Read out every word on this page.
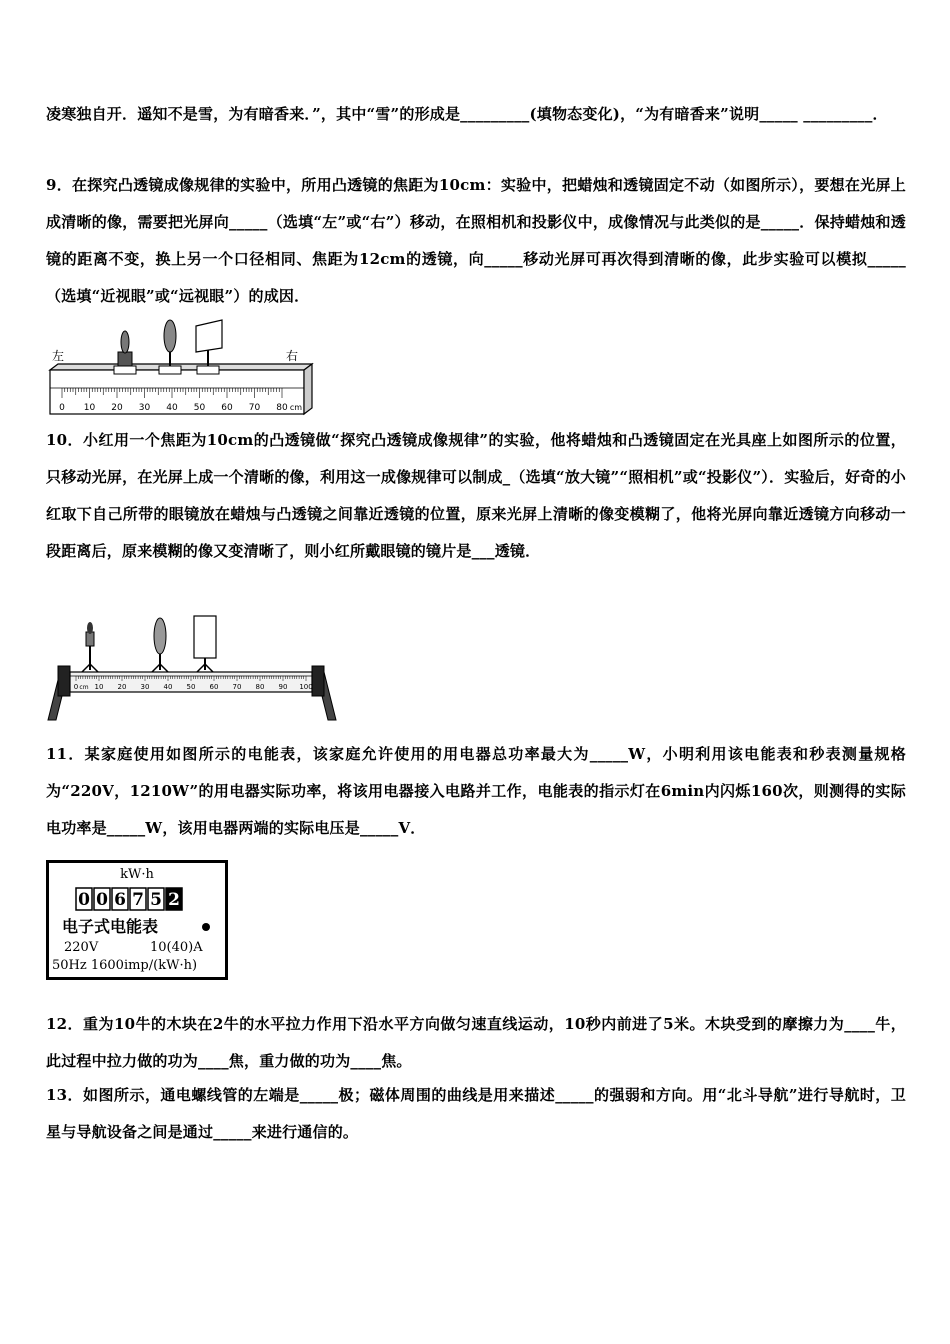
凌寒独自开．遥知不是雪，为有暗香来．”，其中“雪”的形成是_________(填物态变化)，“为有暗香来”说明_____ _________．
9．在探究凸透镜成像规律的实验中，所用凸透镜的焦距为10cm：实验中，把蜡烛和透镜固定不动（如图所示），要想在光屏上成清晰的像，需要把光屏向_____（选填“左”或“右”）移动，在照相机和投影仪中，成像情况与此类似的是_____．保持蜡烛和透镜的距离不变，换上另一个口径相同、焦距为12cm的透镜，向_____移动光屏可再次得到清晰的像，此步实验可以模拟_____（选填“近视眼”或“远视眼”）的成因．
0 10 20 30 40 50 60 70 80 cm
左	右
10．小红用一个焦距为10cm的凸透镜做“探究凸透镜成像规律”的实验，他将蜡烛和凸透镜固定在光具座上如图所示的位置，只移动光屏，在光屏上成一个清晰的像，利用这一成像规律可以制成_（选填“放大镜”“照相机”或“投影仪”）．实验后，好奇的小红取下自己所带的眼镜放在蜡烛与凸透镜之间靠近透镜的位置，原来光屏上清晰的像变模糊了，他将光屏向靠近透镜方向移动一段距离后，原来模糊的像又变清晰了，则小红所戴眼镜的镜片是___透镜．
0 10 20 30 40 50 60 70 80 90 100
cm
11．某家庭使用如图所示的电能表，该家庭允许使用的用电器总功率最大为_____W，小明利用该电能表和秒表测量规格为“220V，1210W”的用电器实际功率，将该用电器接入电路并工作，电能表的指示灯在6min内闪烁160次，则测得的实际电功率是_____W，该用电器两端的实际电压是_____V．
kW·h
0 0 6 7 5 2
电子式电能表
220V	10(40)A
50Hz 1600imp/(kW·h)
12．重为10牛的木块在2牛的水平拉力作用下沿水平方向做匀速直线运动，10秒内前进了5米。木块受到的摩擦力为____牛，此过程中拉力做的功为____焦，重力做的功为____焦。
13．如图所示，通电螺线管的左端是_____极；磁体周围的曲线是用来描述_____的强弱和方向。用“北斗导航”进行导航时，卫星与导航设备之间是通过_____来进行通信的。
